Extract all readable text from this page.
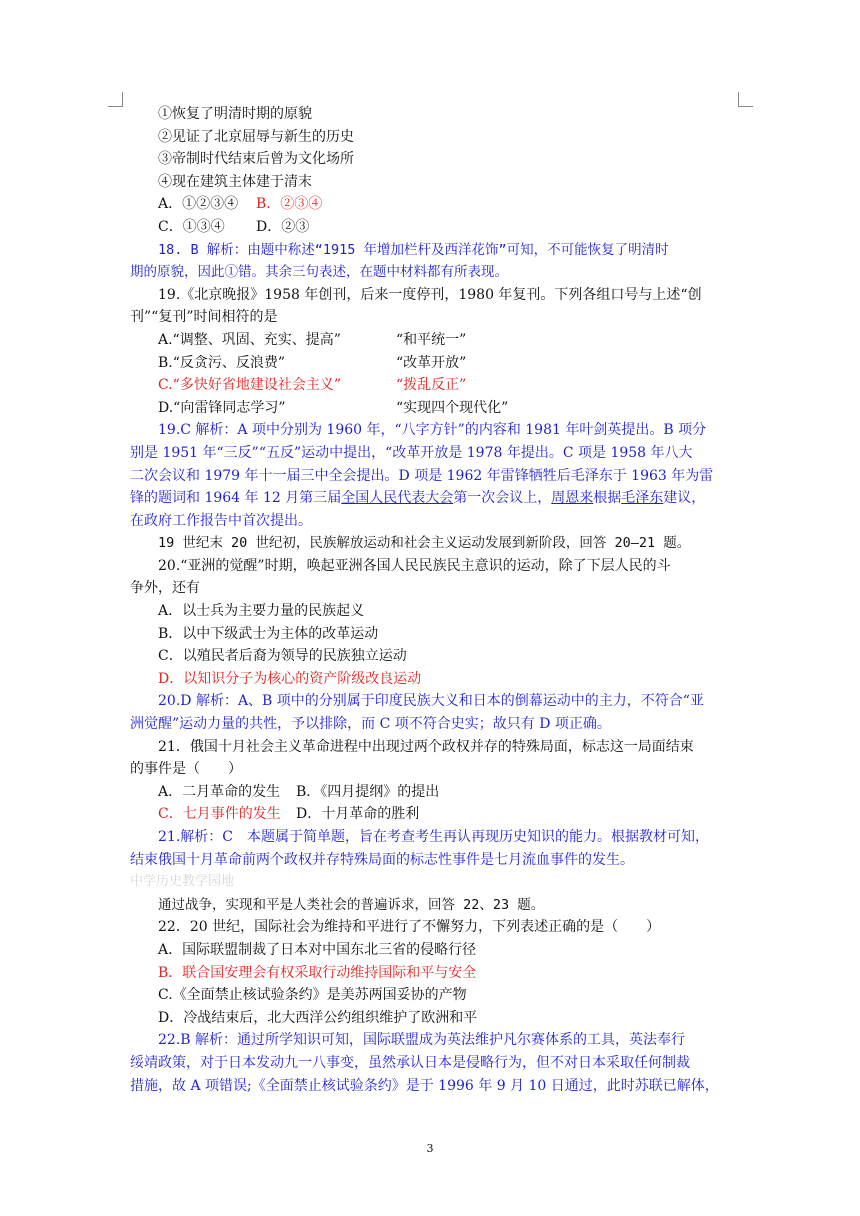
①恢复了明清时期的原貌
②见证了北京屈辱与新生的历史
③帝制时代结束后曾为文化场所
④现在建筑主体建于清末
A．①②③④ B．②③④
C．①③④ D．②③
18. B 解析：由题中称述“1915 年增加栏杆及西洋花饰”可知，不可能恢复了明清时
期的原貌，因此①错。其余三句表述，在题中材料都有所表现。
19.《北京晚报》1958 年创刊，后来一度停刊，1980 年复刊。下列各组口号与上述“创
刊”“复刊”时间相符的是
A.“调整、巩固、充实、提高”	“和平统一”
B.“反贪污、反浪费”	“改革开放”
C.“多快好省地建设社会主义”	“拨乱反正”
D.“向雷锋同志学习”	“实现四个现代化”
19.C 解析：A 项中分别为 1960 年，“八字方针”的内容和 1981 年叶剑英提出。B 项分
别是 1951 年“三反”“五反”运动中提出，“改革开放是 1978 年提出。C 项是 1958 年八大
二次会议和 1979 年十一届三中全会提出。D 项是 1962 年雷锋牺牲后毛泽东于 1963 年为雷
锋的题词和 1964 年 12 月第三届全国人民代表大会第一次会议上，周恩来根据毛泽东建议，
在政府工作报告中首次提出。
19 世纪末 20 世纪初，民族解放运动和社会主义运动发展到新阶段，回答 20—21 题。
20.“亚洲的觉醒”时期，唤起亚洲各国人民民族民主意识的运动，除了下层人民的斗
争外，还有
A．以士兵为主要力量的民族起义
B．以中下级武士为主体的改革运动
C．以殖民者后裔为领导的民族独立运动
D．以知识分子为核心的资产阶级改良运动
20.D 解析：A、B 项中的分别属于印度民族大义和日本的倒幕运动中的主力，不符合“亚
洲觉醒”运动力量的共性，予以排除，而 C 项不符合史实；故只有 D 项正确。
21．俄国十月社会主义革命进程中出现过两个政权并存的特殊局面，标志这一局面结束
的事件是（　　）
A．二月革命的发生 B．《四月提纲》的提出
C．七月事件的发生 D．十月革命的胜利
21.解析：C　本题属于简单题，旨在考查考生再认再现历史知识的能力。根据教材可知，
结束俄国十月革命前两个政权并存特殊局面的标志性事件是七月流血事件的发生。
中学历史教学园地
通过战争，实现和平是人类社会的普遍诉求，回答 22、23 题。
22．20 世纪，国际社会为维持和平进行了不懈努力，下列表述正确的是（　　）
A．国际联盟制裁了日本对中国东北三省的侵略行径
B．联合国安理会有权采取行动维持国际和平与安全
C.《全面禁止核试验条约》是美苏两国妥协的产物
D．冷战结束后，北大西洋公约组织维护了欧洲和平
22.B 解析：通过所学知识可知，国际联盟成为英法维护凡尔赛体系的工具，英法奉行
绥靖政策，对于日本发动九一八事变，虽然承认日本是侵略行为，但不对日本采取任何制裁
措施，故 A 项错误;《全面禁止核试验条约》是于 1996 年 9 月 10 日通过，此时苏联已解体，
3
